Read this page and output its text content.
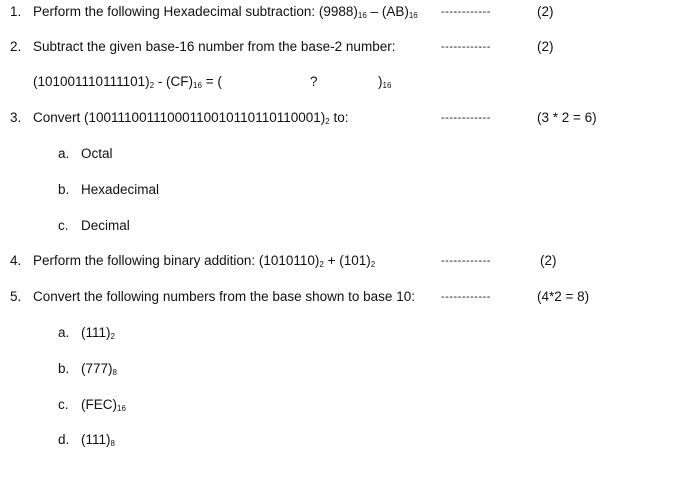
1. Perform the following Hexadecimal subtraction: $(9988)_{16} - (AB)_{16}$ ------------	(2)
2. Subtract the given base-16 number from the base-2 number:	------------	(2)
$(101001110111101)_2 - (CF)_{16}$ = (	?	)$_{16}$
3. Convert $(10011100111000110010110110110001)_2$ to:	------------	(3 * 2 = 6)
a. Octal
b. Hexadecimal
c. Decimal
4. Perform the following binary addition: $(1010110)_2 + (101)_2$	------------	(2)
5. Convert the following numbers from the base shown to base 10: ------------	(4*2 = 8)
a. $(111)_2$
b. $(777)_8$
c. $(FEC)_{16}$
d. $(111)_8$
